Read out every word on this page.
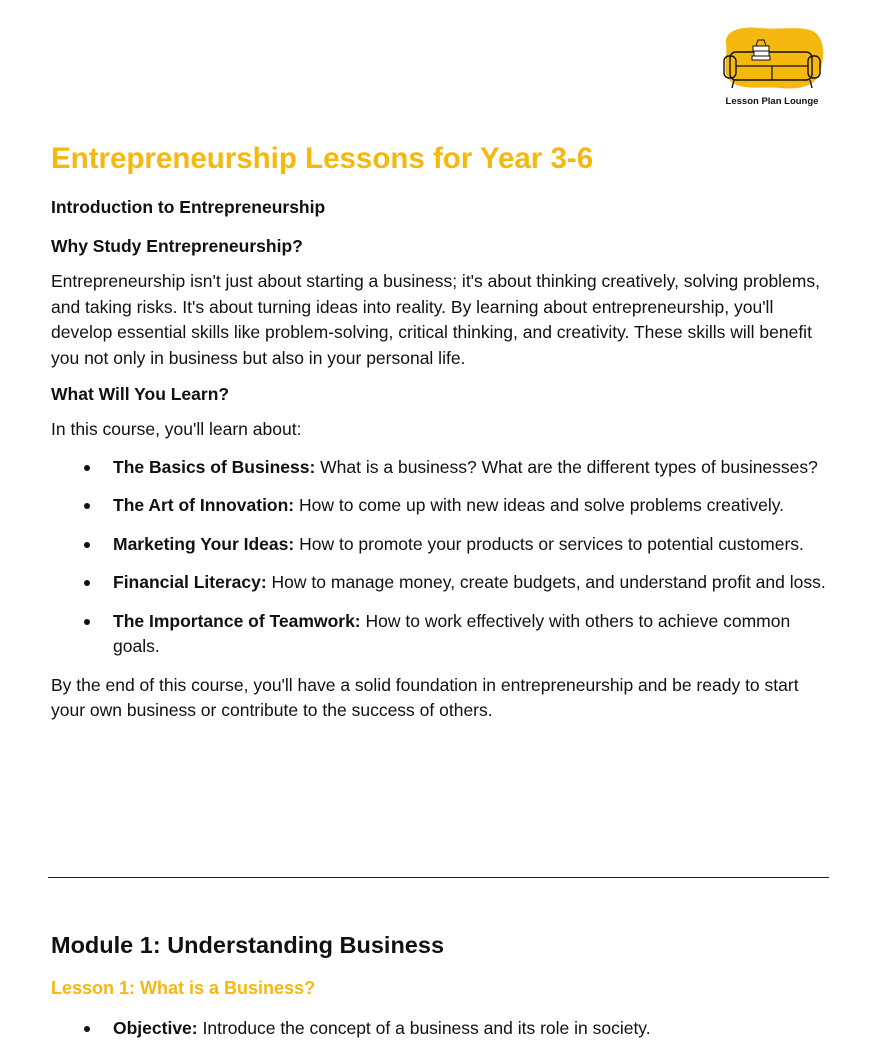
Lesson Plan Lounge
Entrepreneurship Lessons for Year 3-6
Introduction to Entrepreneurship
Why Study Entrepreneurship?

Entrepreneurship isn't just about starting a business; it's about thinking creatively, solving problems, and taking risks. It's about turning ideas into reality. By learning about entrepreneurship, you'll develop essential skills like problem-solving, critical thinking, and creativity. These skills will benefit you not only in business but also in your personal life.

What Will You Learn?

In this course, you'll learn about:

The Basics of Business: What is a business? What are the different types of businesses?
The Art of Innovation: How to come up with new ideas and solve problems creatively.
Marketing Your Ideas: How to promote your products or services to potential customers.
Financial Literacy: How to manage money, create budgets, and understand profit and loss.
The Importance of Teamwork: How to work effectively with others to achieve common goals.

By the end of this course, you'll have a solid foundation in entrepreneurship and be ready to start your own business or contribute to the success of others.

Module 1: Understanding Business
Lesson 1: What is a Business?
Objective: Introduce the concept of a business and its role in society.
